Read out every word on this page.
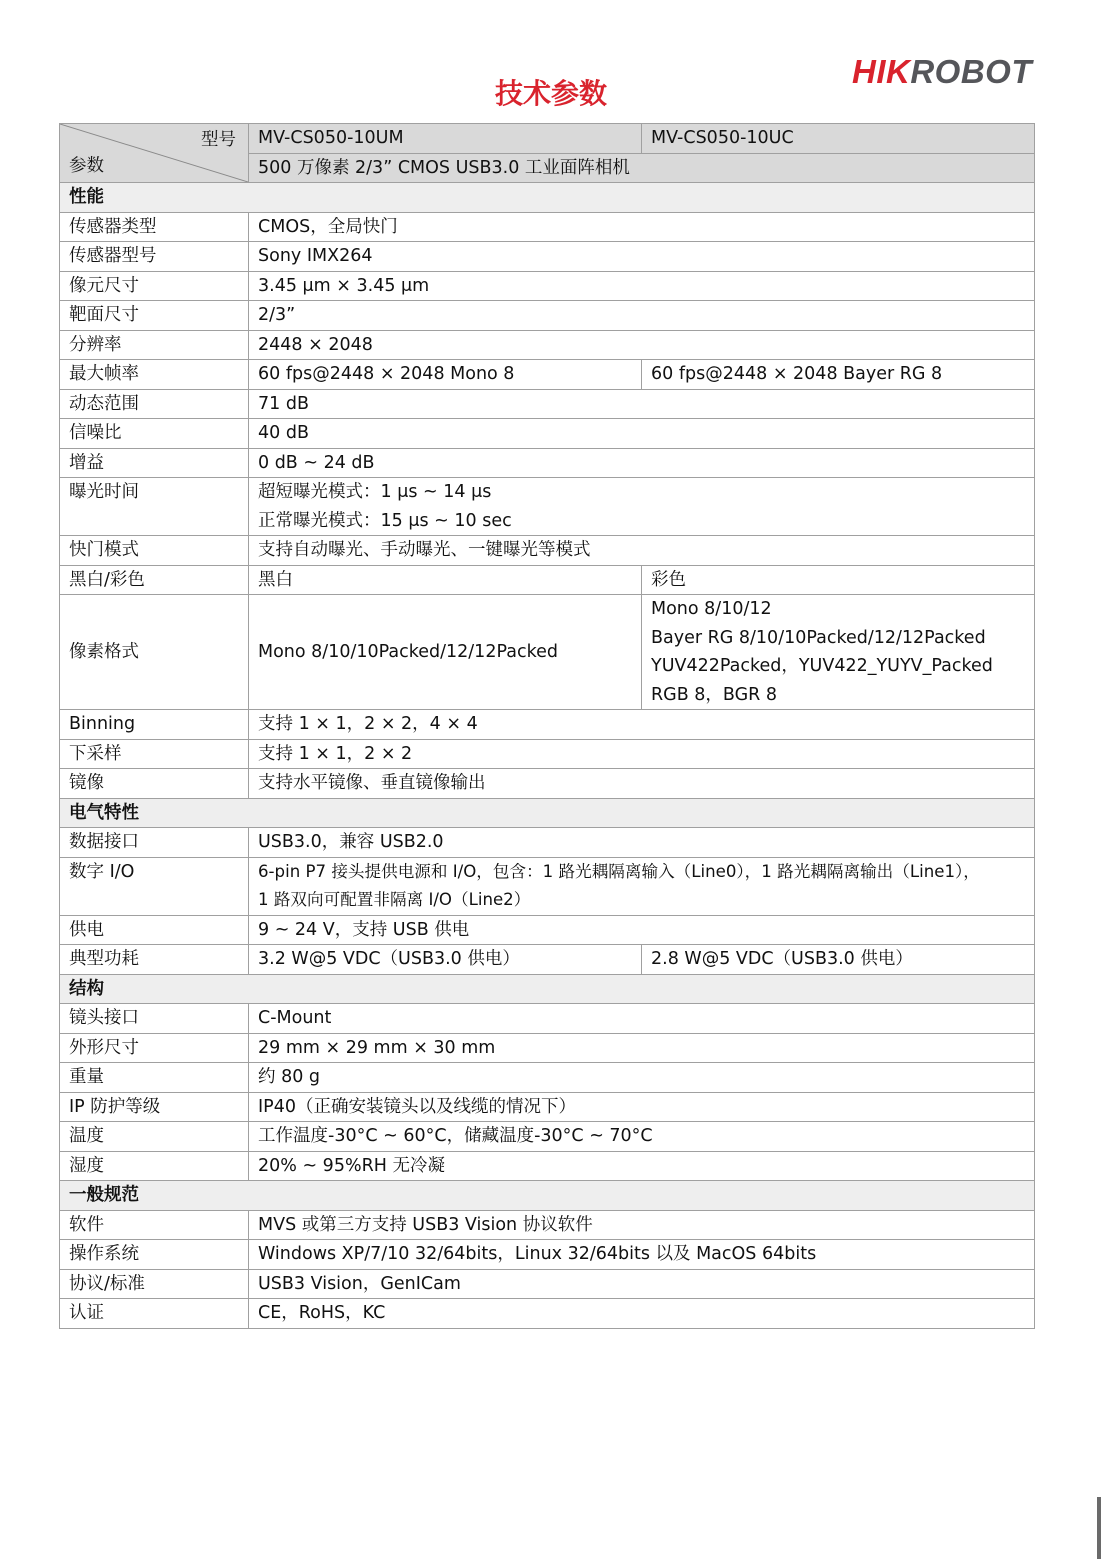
HIKROBOT
技术参数
型号
参数	MV-CS050-10UM	MV-CS050-10UC
	500 万像素 2/3” CMOS USB3.0 工业面阵相机	
性能		
传感器类型	CMOS，全局快门	
传感器型号	Sony IMX264	
像元尺寸	3.45 μm × 3.45 μm	
靶面尺寸	2/3”	
分辨率	2448 × 2048	
最大帧率	60 fps@2448 × 2048 Mono 8	60 fps@2448 × 2048 Bayer RG 8
动态范围	71 dB	
信噪比	40 dB	
增益	0 dB ~ 24 dB	
曝光时间	超短曝光模式：1 μs ~ 14 μs
正常曝光模式：15 μs ~ 10 sec	

快门模式	支持自动曝光、手动曝光、一键曝光等模式	
黑白/彩色	黑白	彩色
像素格式	Mono 8/10/10Packed/12/12Packed	Mono 8/10/12
Bayer RG 8/10/10Packed/12/12Packed
YUV422Packed，YUV422_YUYV_Packed
RGB 8，BGR 8

Binning	支持 1 × 1，2 × 2，4 × 4	
下采样	支持 1 × 1，2 × 2	
镜像	支持水平镜像、垂直镜像输出	
电气特性		
数据接口	USB3.0，兼容 USB2.0	
数字 I/O	6-pin P7 接头提供电源和 I/O，包含：1 路光耦隔离输入（Line0），1 路光耦隔离输出（Line1），
1 路双向可配置非隔离 I/O（Line2）	

供电	9 ~ 24 V，支持 USB 供电	
典型功耗	3.2 W@5 VDC（USB3.0 供电）	2.8 W@5 VDC（USB3.0 供电）
结构		
镜头接口	C-Mount	
外形尺寸	29 mm × 29 mm × 30 mm	
重量	约 80 g	
IP 防护等级	IP40（正确安装镜头以及线缆的情况下）	
温度	工作温度-30°C ~ 60°C，储藏温度-30°C ~ 70°C	
湿度	20% ~ 95%RH 无冷凝	
一般规范		
软件	MVS 或第三方支持 USB3 Vision 协议软件	
操作系统	Windows XP/7/10 32/64bits，Linux 32/64bits 以及 MacOS 64bits	
协议/标准	USB3 Vision，GenICam	
认证	CE，RoHS，KC	
